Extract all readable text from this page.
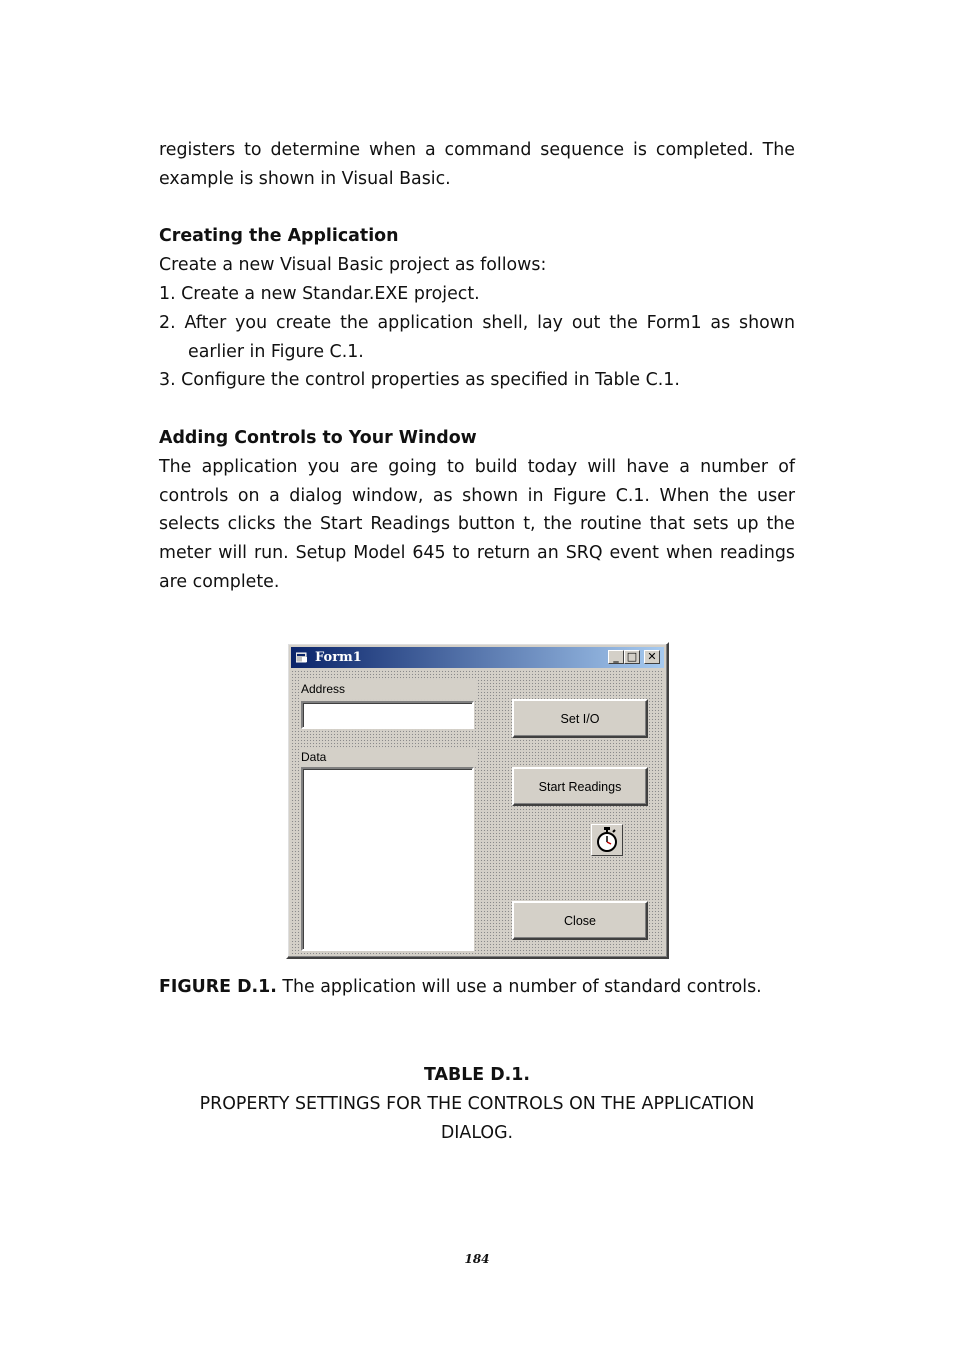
registers to determine when a command sequence is completed. The

example is shown in Visual Basic.

Creating the Application

Create a new Visual Basic project as follows:

1. Create a new Standar.EXE project.

2. After you create the application shell, lay out the Form1 as shown

earlier in Figure C.1.

3. Configure the control properties as specified in Table C.1.

Adding Controls to Your Window

The application you are going to build today will have a number of

controls on a dialog window, as shown in Figure C.1. When the user

selects clicks the Start Readings button t, the routine that sets up the

meter will run. Setup Model 645 to return an SRQ event when readings

are complete.

Form1	_ □ ✕
Address
Data
Set I/O
Start Readings
Close
FIGURE D.1. The application will use a number of standard controls.
TABLE D.1.
PROPERTY SETTINGS FOR THE CONTROLS ON THE APPLICATION DIALOG.
184
